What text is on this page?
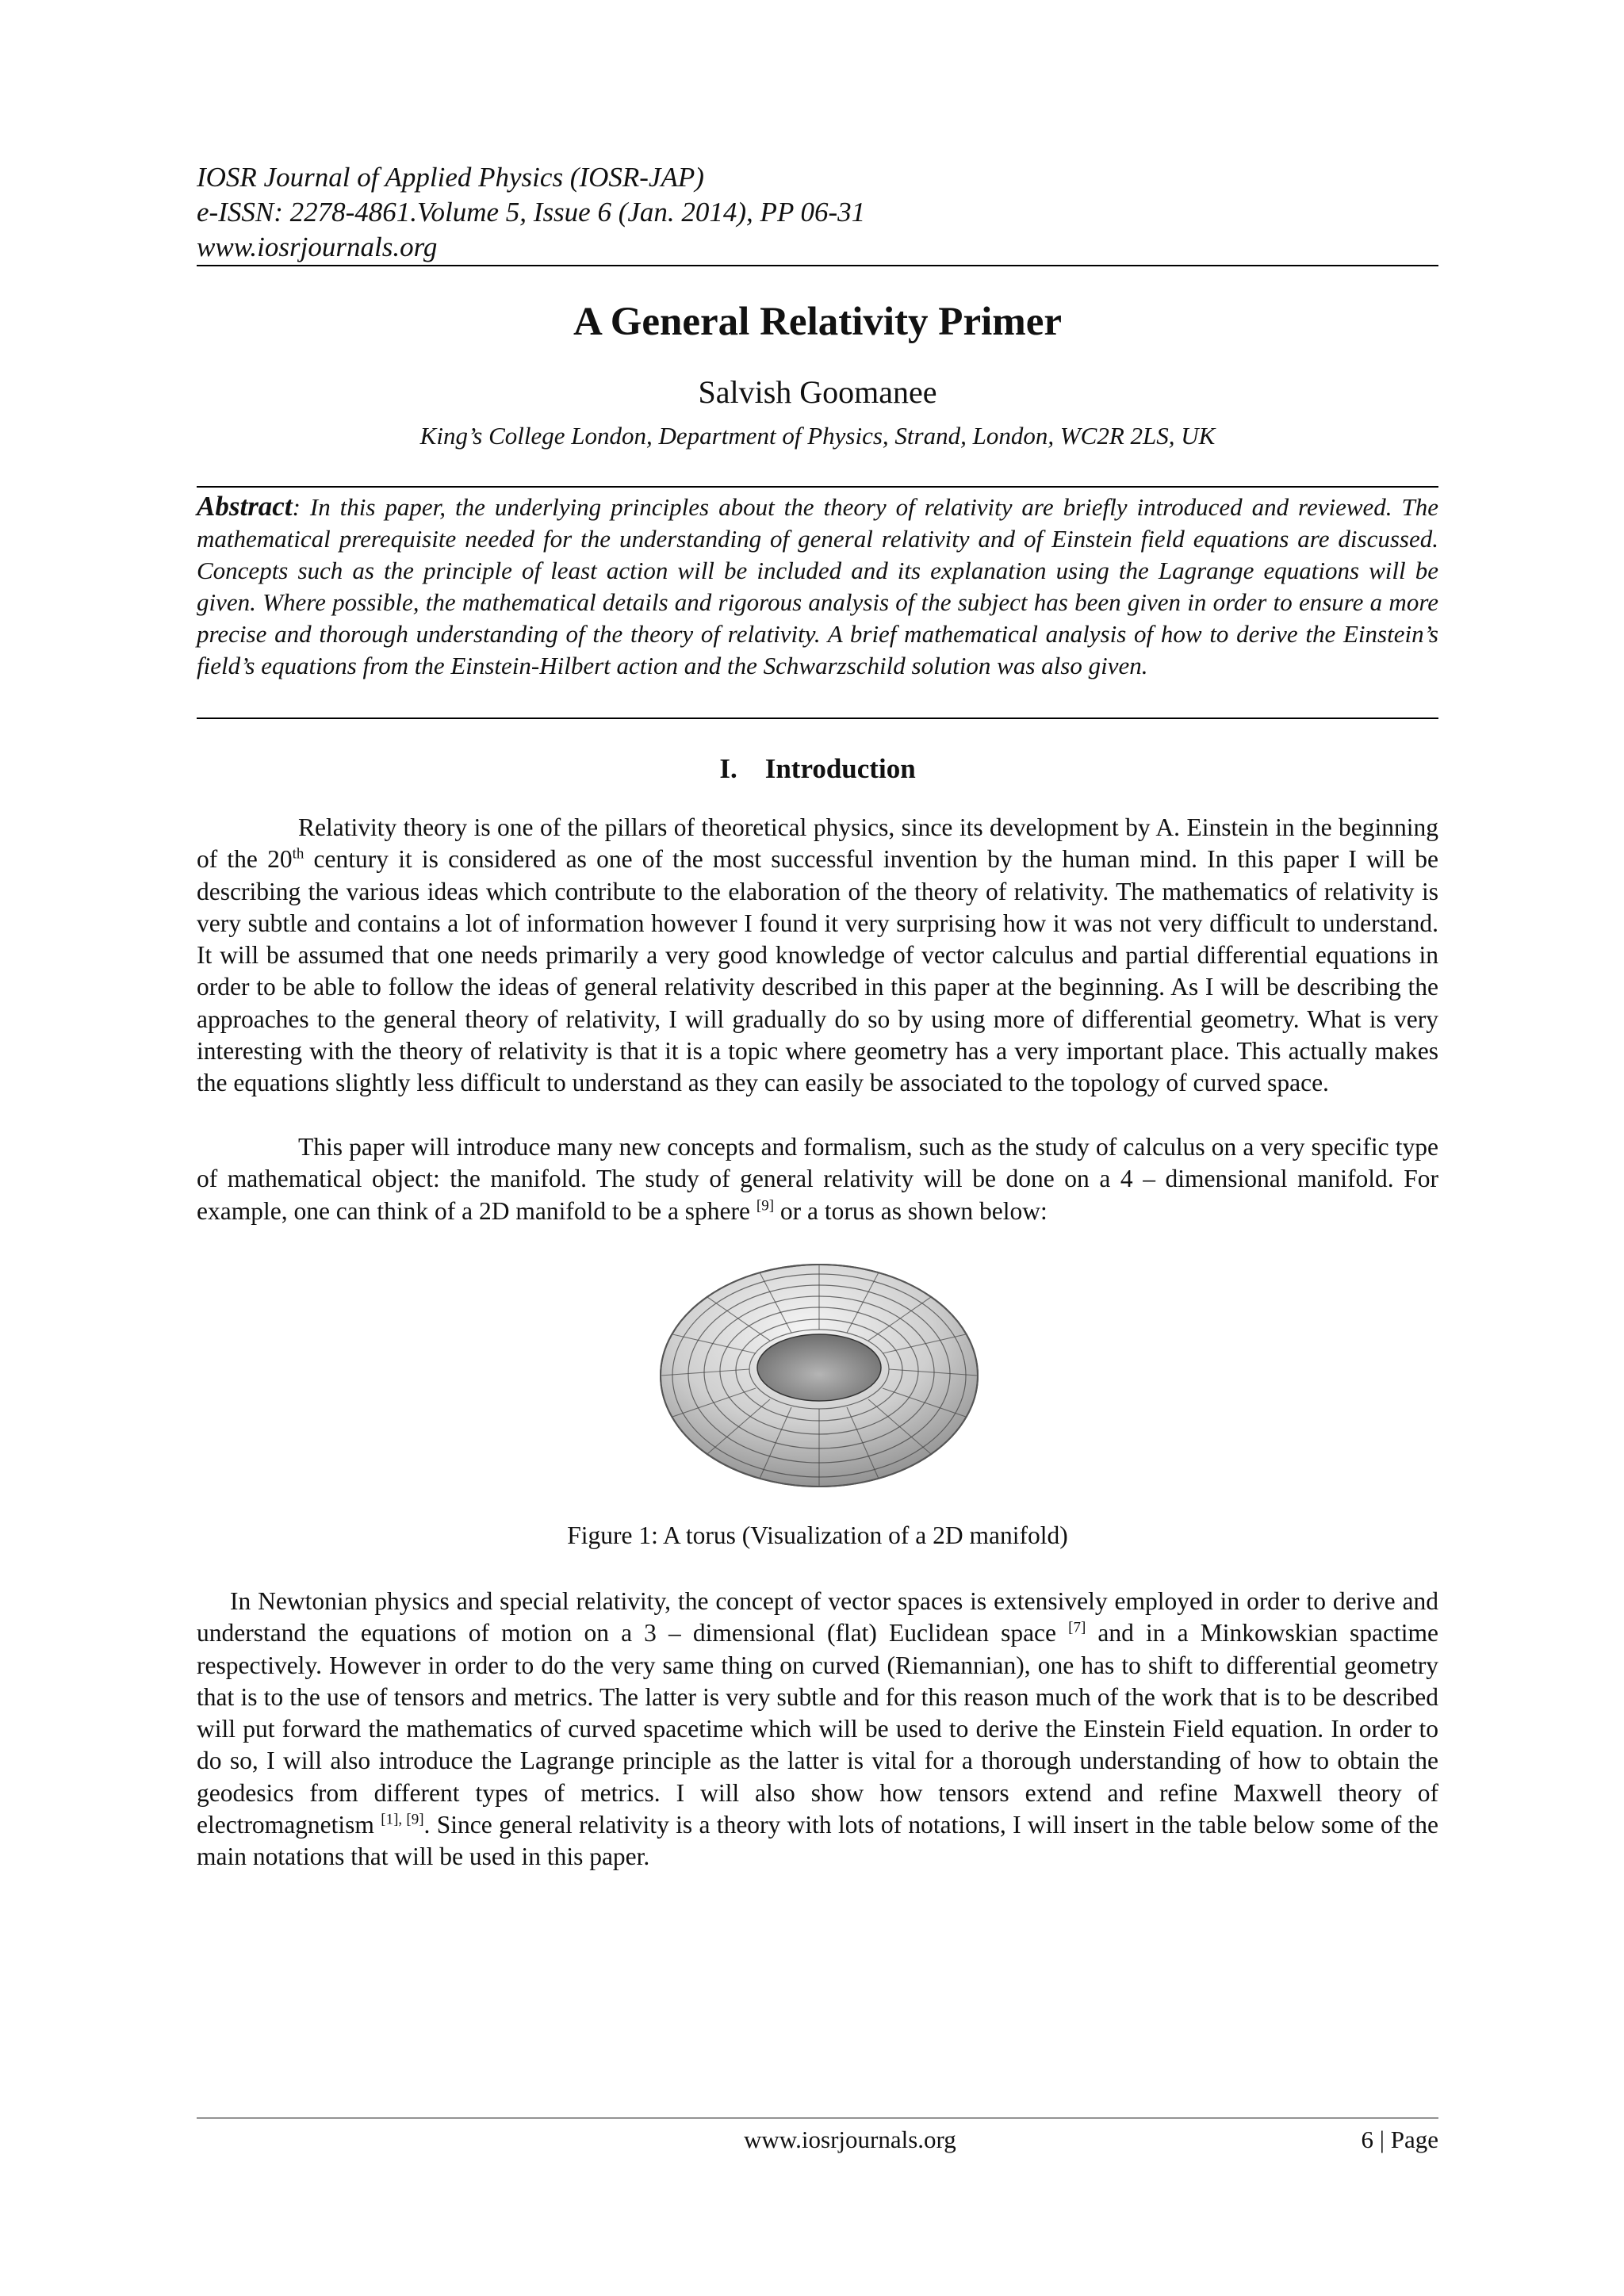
IOSR Journal of Applied Physics (IOSR-JAP)
e-ISSN: 2278-4861.Volume 5, Issue 6 (Jan. 2014), PP 06-31
www.iosrjournals.org
A General Relativity Primer
Salvish Goomanee
King’s College London, Department of Physics, Strand, London, WC2R 2LS, UK
Abstract: In this paper, the underlying principles about the theory of relativity are briefly introduced and reviewed. The mathematical prerequisite needed for the understanding of general relativity and of Einstein field equations are discussed. Concepts such as the principle of least action will be included and its explanation using the Lagrange equations will be given. Where possible, the mathematical details and rigorous analysis of the subject has been given in order to ensure a more precise and thorough understanding of the theory of relativity. A brief mathematical analysis of how to derive the Einstein’s field’s equations from the Einstein-Hilbert action and the Schwarzschild solution was also given.
I. Introduction

Relativity theory is one of the pillars of theoretical physics, since its development by A. Einstein in the beginning of the 20th century it is considered as one of the most successful invention by the human mind. In this paper I will be describing the various ideas which contribute to the elaboration of the theory of relativity. The mathematics of relativity is very subtle and contains a lot of information however I found it very surprising how it was not very difficult to understand. It will be assumed that one needs primarily a very good knowledge of vector calculus and partial differential equations in order to be able to follow the ideas of general relativity described in this paper at the beginning. As I will be describing the approaches to the general theory of relativity, I will gradually do so by using more of differential geometry. What is very interesting with the theory of relativity is that it is a topic where geometry has a very important place. This actually makes the equations slightly less difficult to understand as they can easily be associated to the topology of curved space.

This paper will introduce many new concepts and formalism, such as the study of calculus on a very specific type of mathematical object: the manifold. The study of general relativity will be done on a 4 – dimensional manifold. For example, one can think of a 2D manifold to be a sphere [9] or a torus as shown below:

Figure 1: A torus (Visualization of a 2D manifold)

In Newtonian physics and special relativity, the concept of vector spaces is extensively employed in order to derive and understand the equations of motion on a 3 – dimensional (flat) Euclidean space [7] and in a Minkowskian spactime respectively. However in order to do the very same thing on curved (Riemannian), one has to shift to differential geometry that is to the use of tensors and metrics. The latter is very subtle and for this reason much of the work that is to be described will put forward the mathematics of curved spacetime which will be used to derive the Einstein Field equation. In order to do so, I will also introduce the Lagrange principle as the latter is vital for a thorough understanding of how to obtain the geodesics from different types of metrics. I will also show how tensors extend and refine Maxwell theory of electromagnetism [1], [9]. Since general relativity is a theory with lots of notations, I will insert in the table below some of the main notations that will be used in this paper.

www.iosrjournals.org	6 | Page
